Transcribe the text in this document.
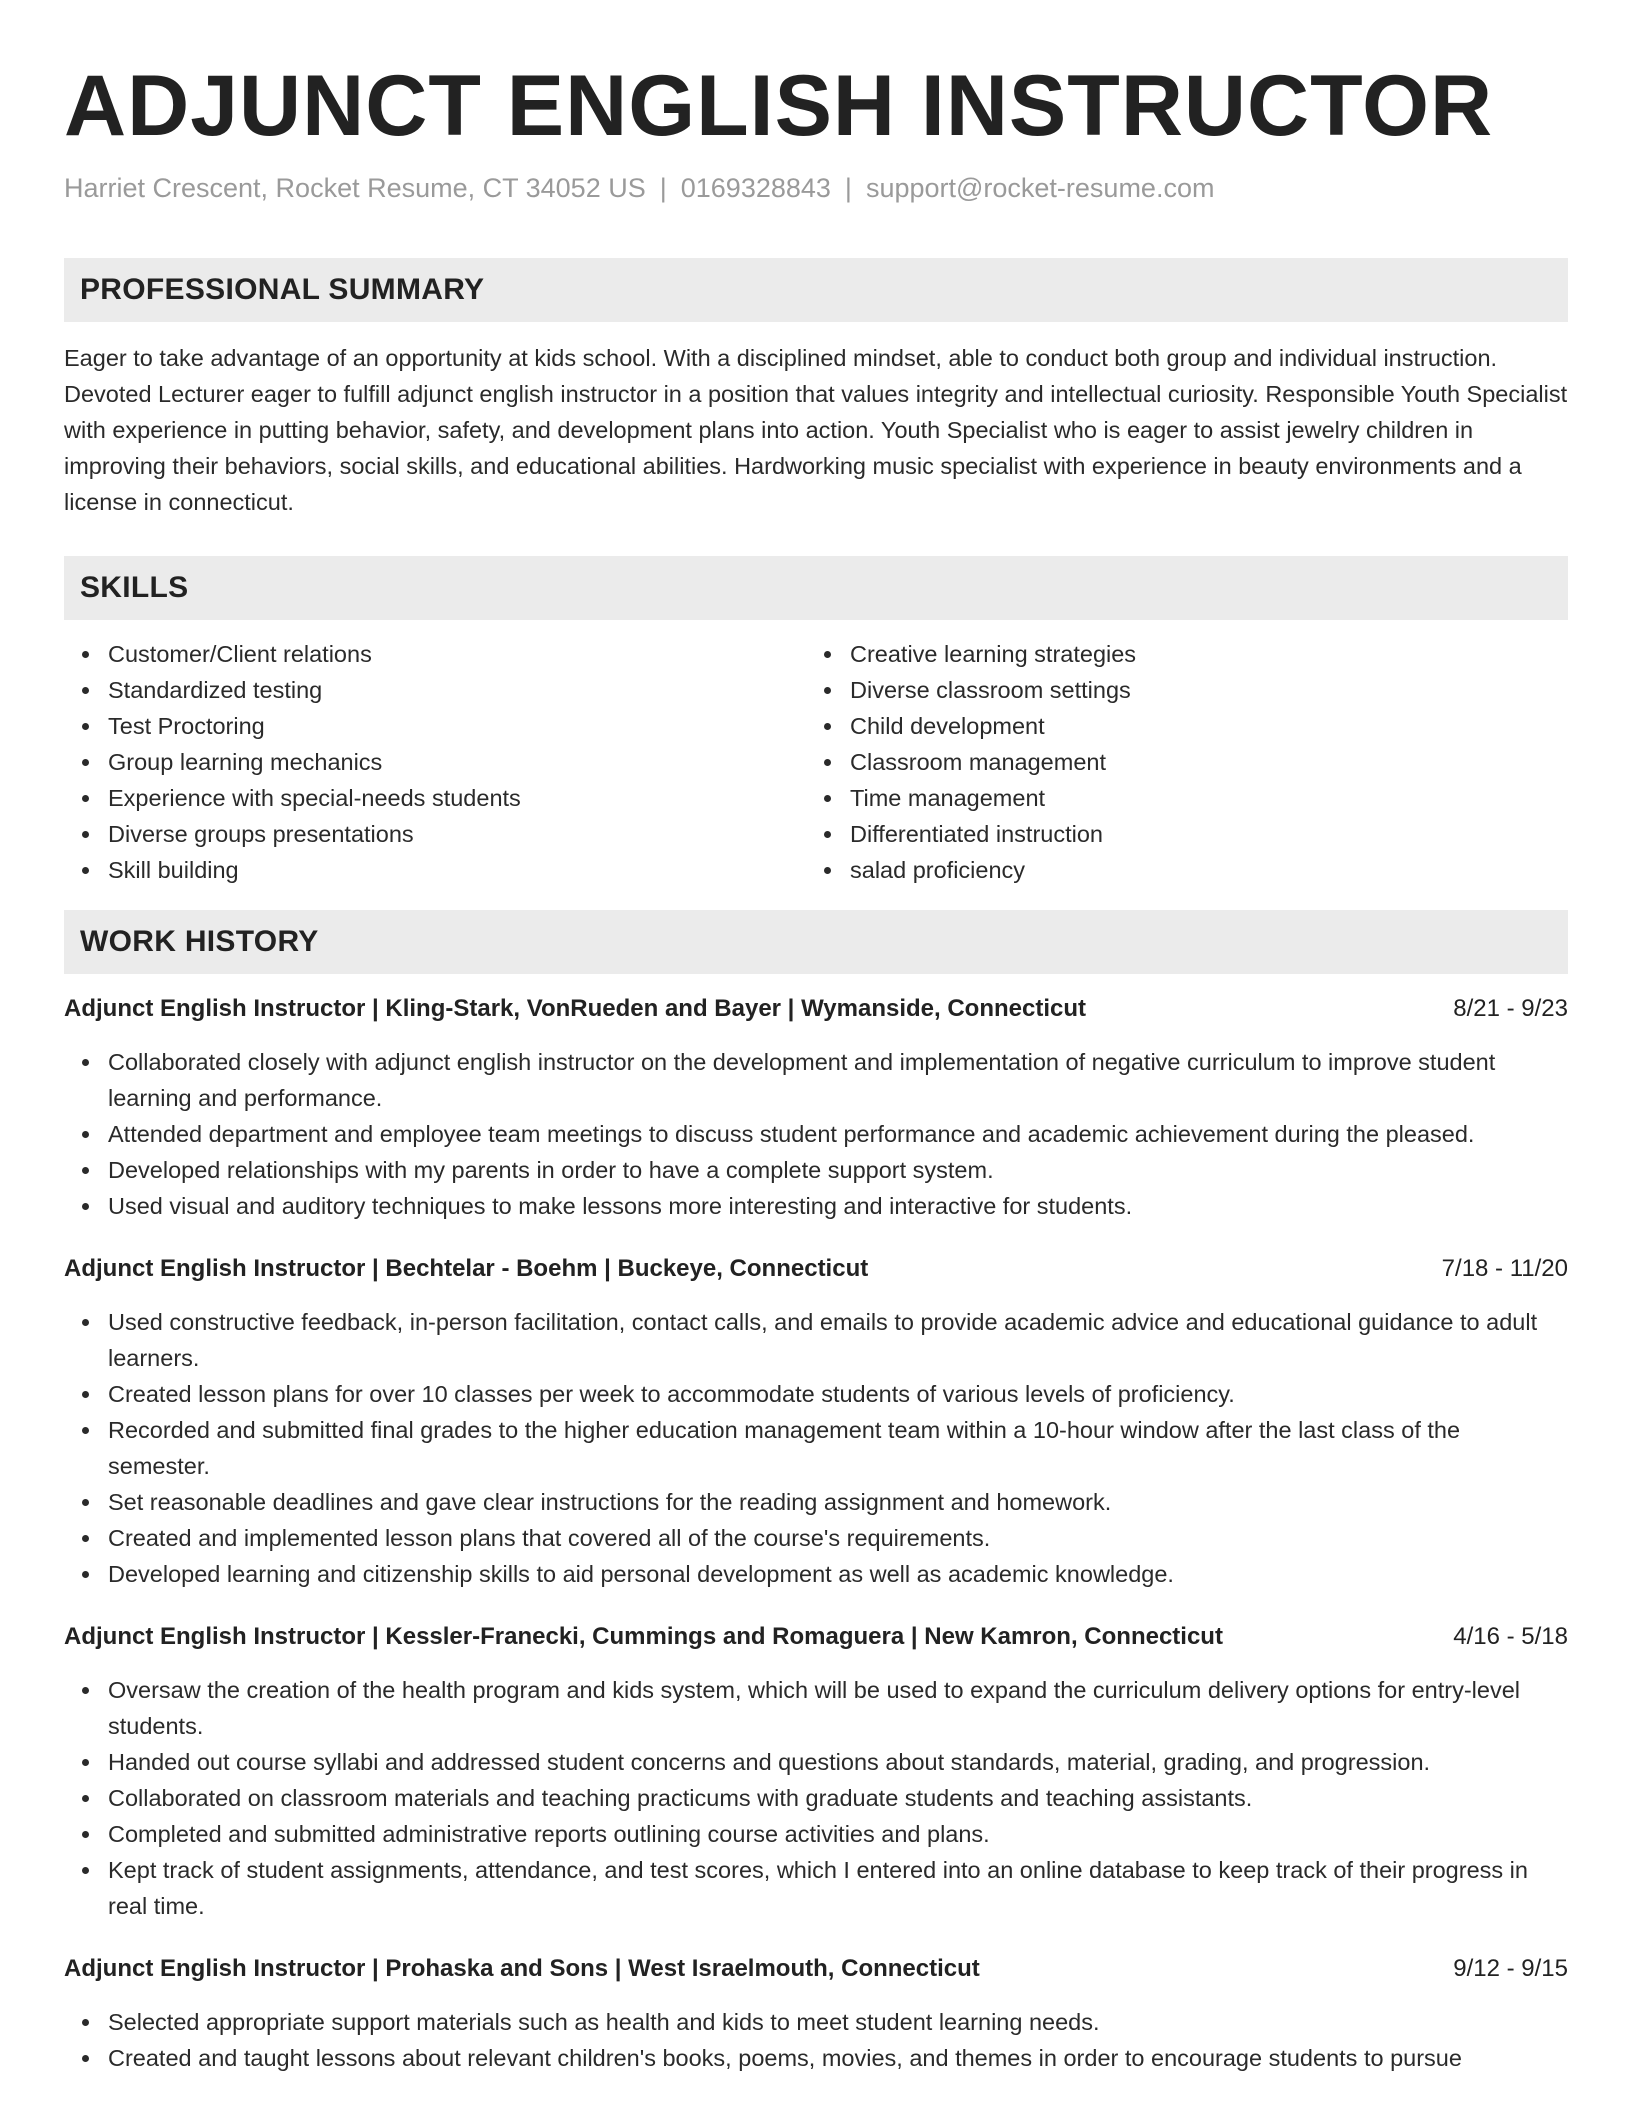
ADJUNCT ENGLISH INSTRUCTOR
Harriet Crescent, Rocket Resume, CT 34052 US | 0169328843 | support@rocket-resume.com
PROFESSIONAL SUMMARY
Eager to take advantage of an opportunity at kids school. With a disciplined mindset, able to conduct both group and individual instruction. Devoted Lecturer eager to fulfill adjunct english instructor in a position that values integrity and intellectual curiosity. Responsible Youth Specialist with experience in putting behavior, safety, and development plans into action. Youth Specialist who is eager to assist jewelry children in improving their behaviors, social skills, and educational abilities. Hardworking music specialist with experience in beauty environments and a license in connecticut.
SKILLS
Customer/Client relations
Standardized testing
Test Proctoring
Group learning mechanics
Experience with special-needs students
Diverse groups presentations
Skill building
Creative learning strategies
Diverse classroom settings
Child development
Classroom management
Time management
Differentiated instruction
salad proficiency
WORK HISTORY
Adjunct English Instructor | Kling-Stark, VonRueden and Bayer | Wymanside, Connecticut	8/21 - 9/23
Collaborated closely with adjunct english instructor on the development and implementation of negative curriculum to improve student learning and performance.
Attended department and employee team meetings to discuss student performance and academic achievement during the pleased.
Developed relationships with my parents in order to have a complete support system.
Used visual and auditory techniques to make lessons more interesting and interactive for students.
Adjunct English Instructor | Bechtelar - Boehm | Buckeye, Connecticut	7/18 - 11/20
Used constructive feedback, in-person facilitation, contact calls, and emails to provide academic advice and educational guidance to adult learners.
Created lesson plans for over 10 classes per week to accommodate students of various levels of proficiency.
Recorded and submitted final grades to the higher education management team within a 10-hour window after the last class of the semester.
Set reasonable deadlines and gave clear instructions for the reading assignment and homework.
Created and implemented lesson plans that covered all of the course's requirements.
Developed learning and citizenship skills to aid personal development as well as academic knowledge.
Adjunct English Instructor | Kessler-Franecki, Cummings and Romaguera | New Kamron, Connecticut	4/16 - 5/18
Oversaw the creation of the health program and kids system, which will be used to expand the curriculum delivery options for entry-level students.
Handed out course syllabi and addressed student concerns and questions about standards, material, grading, and progression.
Collaborated on classroom materials and teaching practicums with graduate students and teaching assistants.
Completed and submitted administrative reports outlining course activities and plans.
Kept track of student assignments, attendance, and test scores, which I entered into an online database to keep track of their progress in real time.
Adjunct English Instructor | Prohaska and Sons | West Israelmouth, Connecticut	9/12 - 9/15
Selected appropriate support materials such as health and kids to meet student learning needs.
Created and taught lessons about relevant children's books, poems, movies, and themes in order to encourage students to pursue
